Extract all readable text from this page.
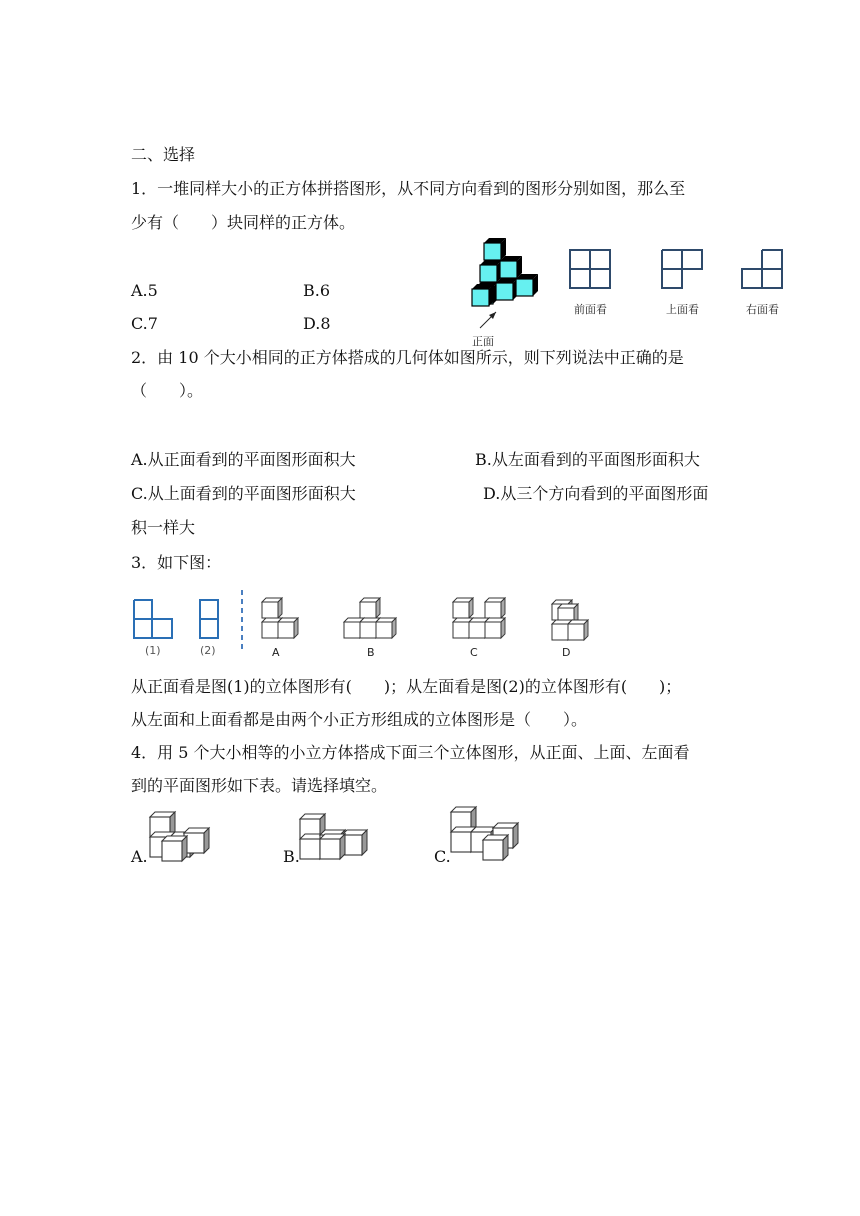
二、选择
1．一堆同样大小的正方体拼搭图形，从不同方向看到的图形分别如图，那么至
少有（　　）块同样的正方体。
A.5	B.6
C.7	D.8
正面
前面看	上面看	右面看
2．由 10 个大小相同的正方体搭成的几何体如图所示，则下列说法中正确的是
（　　）。
A.从正面看到的平面图形面积大	B.从左面看到的平面图形面积大
C.从上面看到的平面图形面积大	D.从三个方向看到的平面图形面
积一样大
3．如下图：
(1)	(2)	A	B	C	D
从正面看是图(1)的立体图形有(　　)；从左面看是图(2)的立体图形有(　　)；
从左面和上面看都是由两个小正方形组成的立体图形是（　　）。
4．用 5 个大小相等的小立方体搭成下面三个立体图形，从正面、上面、左面看
到的平面图形如下表。请选择填空。
A.	B.	C.
